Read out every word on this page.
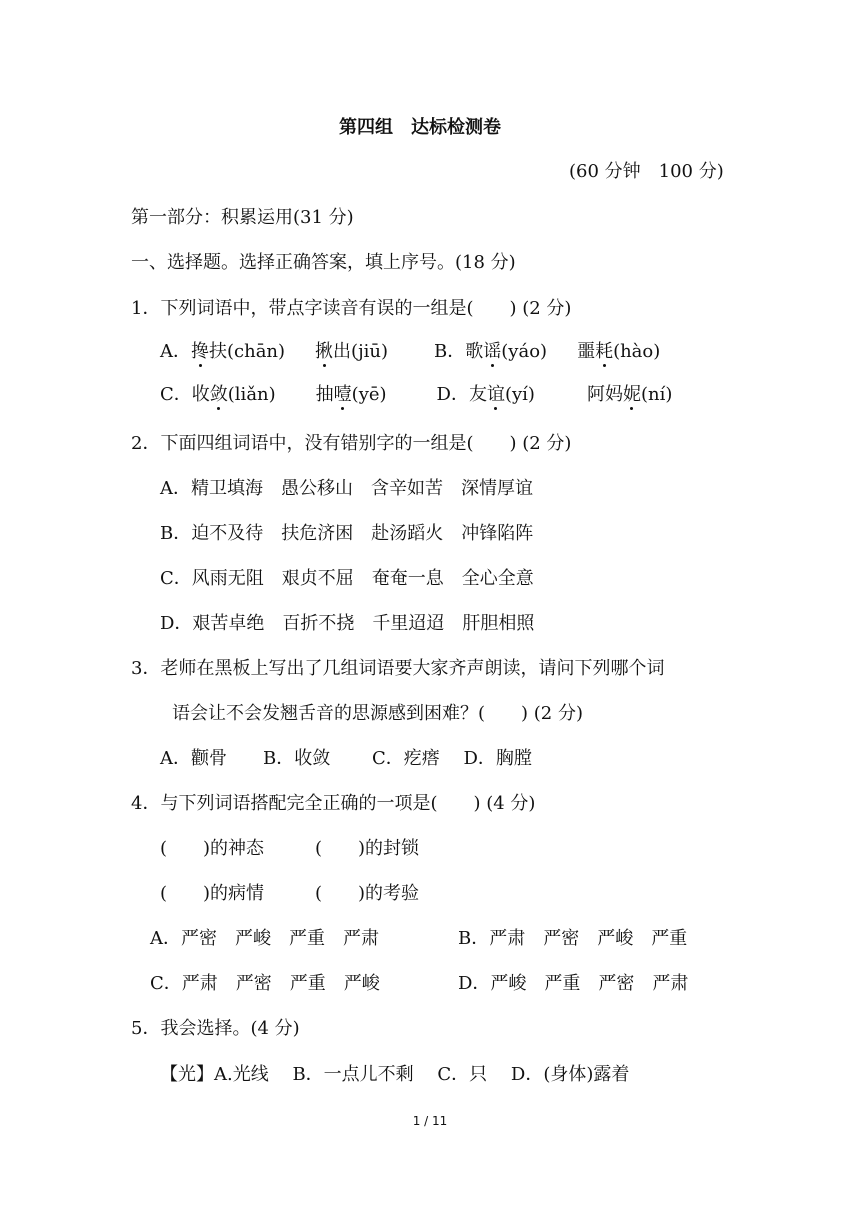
第四组　达标检测卷
(60 分钟　100 分)
第一部分：积累运用(31 分)
一、选择题。选择正确答案，填上序号。(18 分)
1．下列词语中，带点字读音有误的一组是(　　) (2 分)
A．搀扶(chān) 揪出(jiū)	B．歌谣(yáo) 噩耗(hào)
C．收敛(liǎn) 抽噎(yē)	D．友谊(yí)	阿妈妮(ní)
2．下面四组词语中，没有错别字的一组是(　　) (2 分)
A．精卫填海　愚公移山　含辛如苦　深情厚谊
B．迫不及待　扶危济困　赴汤蹈火　冲锋陷阵
C．风雨无阻　艰贞不屈　奄奄一息　全心全意
D．艰苦卓绝　百折不挠　千里迢迢　肝胆相照
3．老师在黑板上写出了几组词语要大家齐声朗读，请问下列哪个词
语会让不会发翘舌音的思源感到困难？(　　) (2 分)
A．颧骨　　B．收敛　　 C．疙瘩　 D．胸膛
4．与下列词语搭配完全正确的一项是(　　) (4 分)
(　　)的神态	(　　)的封锁
(　　)的病情	(　　)的考验
A．严密　严峻　严重　严肃	B．严肃　严密　严峻　严重
C．严肃　严密　严重　严峻	D．严峻　严重　严密　严肃
5．我会选择。(4 分)
【光】A.光线　 B．一点儿不剩　 C．只　 D．(身体)露着
1 / 11
